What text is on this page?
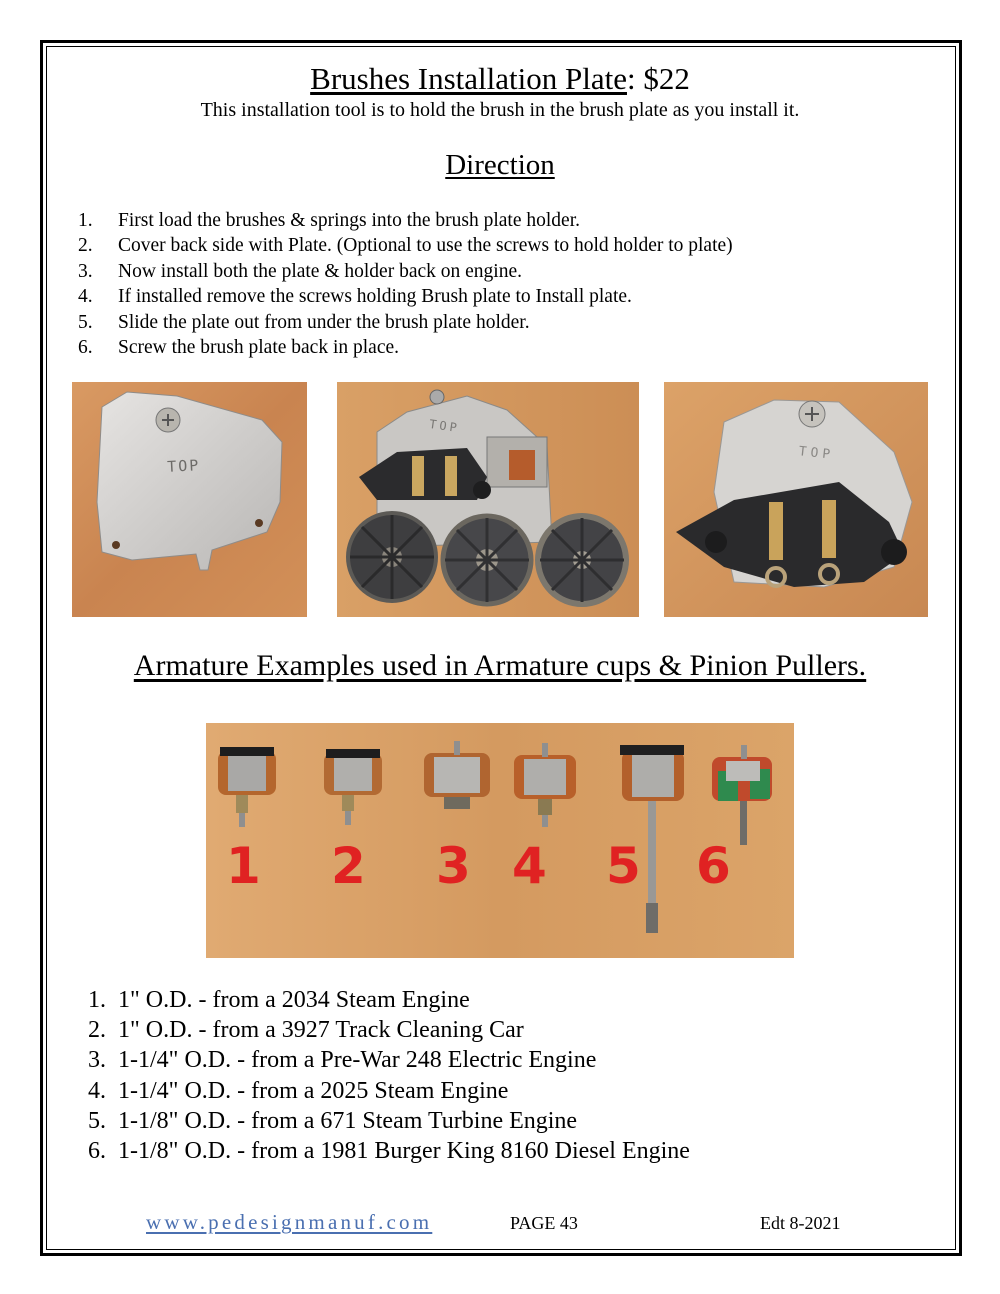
Brushes Installation Plate: $22
This installation tool is to hold the brush in the brush plate as you install it.
Direction
1.	First load the brushes & springs into the brush plate holder.
2.	Cover back side with Plate. (Optional to use the screws to hold holder to plate)
3.	Now install both the plate & holder back on engine.
4.	If installed remove the screws holding Brush plate to Install plate.
5.	Slide the plate out from under the brush plate holder.
6.	Screw the brush plate back in place.
TOP
TOP
TOP
Armature Examples used in Armature cups & Pinion Pullers.
1 2 3 4 5 6
1. 1" O.D. - from a 2034 Steam Engine
2. 1" O.D. - from a 3927 Track Cleaning Car
3. 1-1/4" O.D. - from a Pre-War 248 Electric Engine
4. 1-1/4" O.D. - from a 2025 Steam Engine
5. 1-1/8" O.D. - from a 671 Steam Turbine Engine
6. 1-1/8" O.D. - from a 1981 Burger King 8160 Diesel Engine
www.pedesignmanuf.com	PAGE 43	Edt 8-2021
